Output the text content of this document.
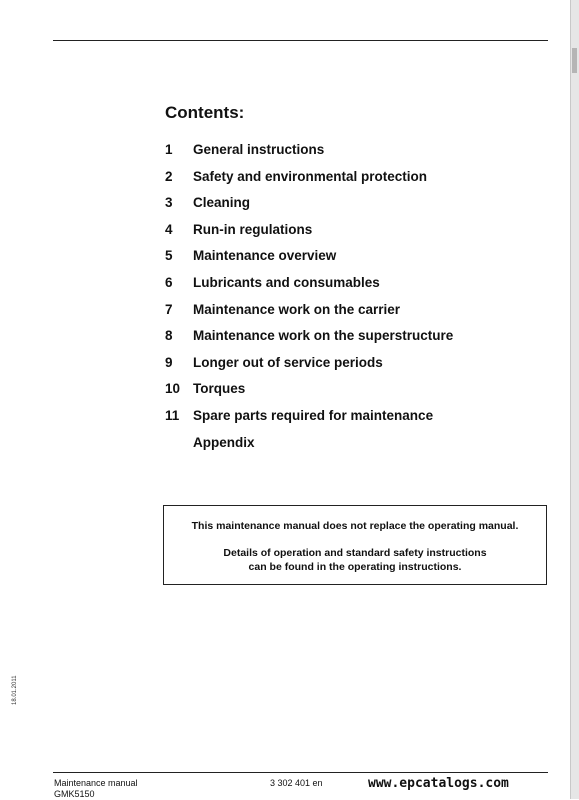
Contents:
1	General instructions
2	Safety and environmental protection
3	Cleaning
4	Run-in regulations
5	Maintenance overview
6	Lubricants and consumables
7	Maintenance work on the carrier
8	Maintenance work on the superstructure
9	Longer out of service periods
10 Torques
11	Spare parts required for maintenance
Appendix

This maintenance manual does not replace the operating manual.

Details of operation and standard safety instructions

can be found in the operating instructions.

18.01.2011
Maintenance manual
GMK5150
3 302 401 en	www.epcatalogs.com
